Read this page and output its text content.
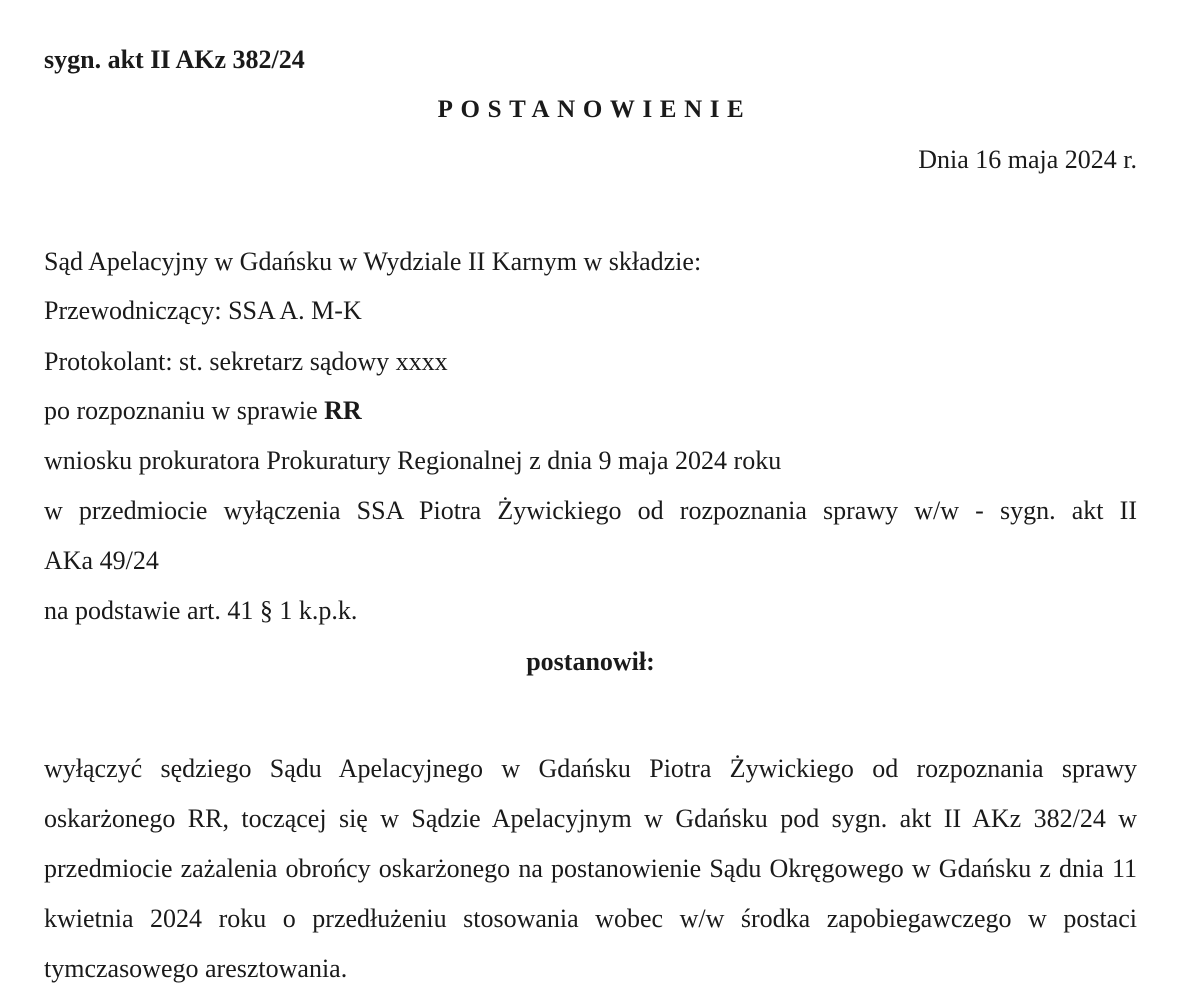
sygn. akt II AKz 382/24
POSTANOWIENIE
Dnia 16 maja 2024 r.
Sąd Apelacyjny w Gdańsku w Wydziale II Karnym w składzie:
Przewodniczący: SSA A. M-K
Protokolant: st. sekretarz sądowy xxxx
po rozpoznaniu w sprawie RR
wniosku prokuratora Prokuratury Regionalnej z dnia 9 maja 2024 roku
w przedmiocie wyłączenia SSA Piotra Żywickiego od rozpoznania sprawy w/w - sygn. akt II
AKa 49/24
na podstawie art. 41 § 1 k.p.k.
postanowił:
wyłączyć sędziego Sądu Apelacyjnego w Gdańsku Piotra Żywickiego od rozpoznania sprawy oskarżonego RR, toczącej się w Sądzie Apelacyjnym w Gdańsku pod sygn. akt II AKz 382/24 w przedmiocie zażalenia obrońcy oskarżonego na postanowienie Sądu Okręgowego w Gdańsku z dnia 11 kwietnia 2024 roku o przedłużeniu stosowania wobec w/w środka zapobiegawczego w postaci tymczasowego aresztowania.
